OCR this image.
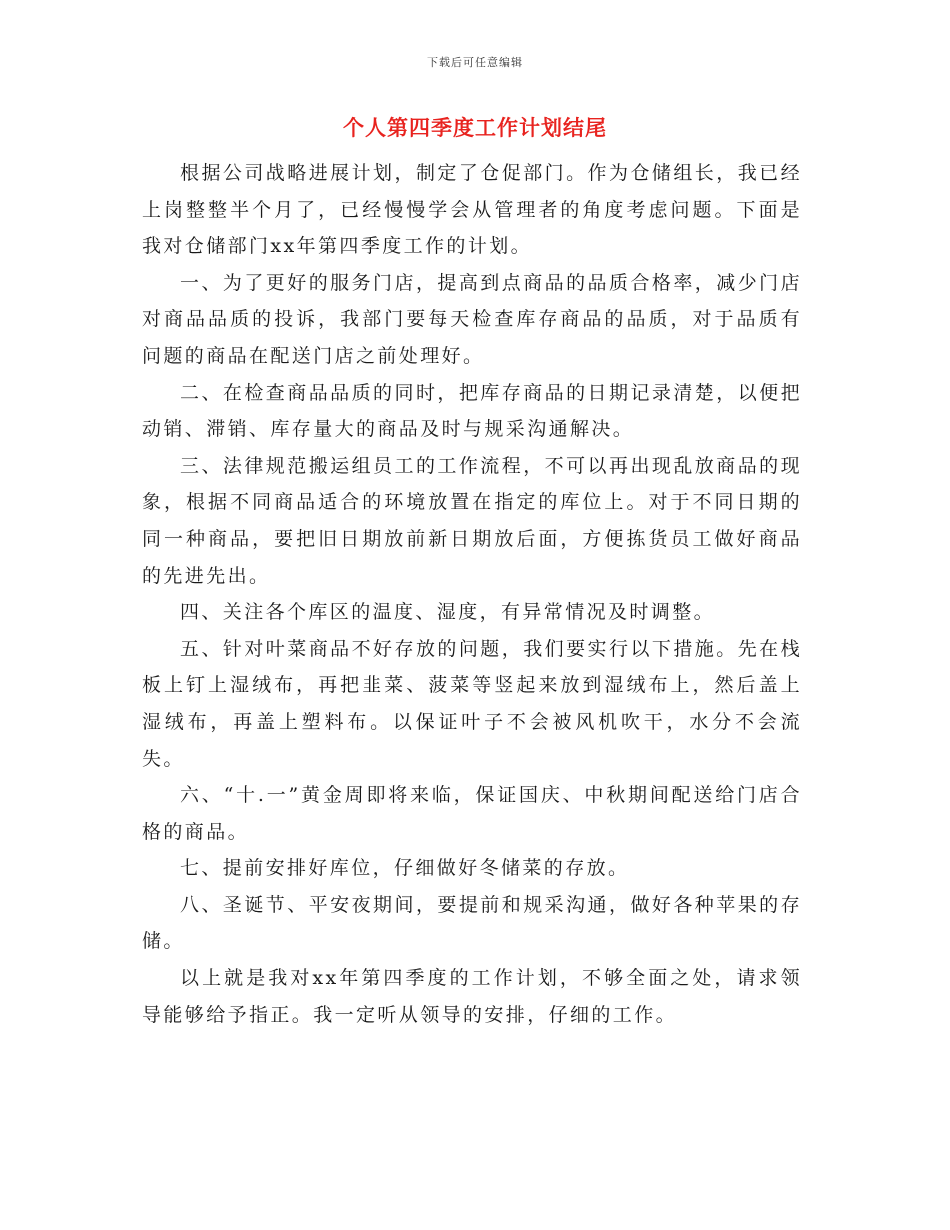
下载后可任意编辑
个人第四季度工作计划结尾

根据公司战略进展计划，制定了仓促部门。作为仓储组长，我已经上岗整整半个月了，已经慢慢学会从管理者的角度考虑问题。下面是我对仓储部门xx年第四季度工作的计划。

一、为了更好的服务门店，提高到点商品的品质合格率，减少门店对商品品质的投诉，我部门要每天检查库存商品的品质，对于品质有问题的商品在配送门店之前处理好。

二、在检查商品品质的同时，把库存商品的日期记录清楚，以便把动销、滞销、库存量大的商品及时与规采沟通解决。

三、法律规范搬运组员工的工作流程，不可以再出现乱放商品的现象，根据不同商品适合的环境放置在指定的库位上。对于不同日期的同一种商品，要把旧日期放前新日期放后面，方便拣货员工做好商品的先进先出。

四、关注各个库区的温度、湿度，有异常情况及时调整。

五、针对叶菜商品不好存放的问题，我们要实行以下措施。先在栈板上钉上湿绒布，再把韭菜、菠菜等竖起来放到湿绒布上，然后盖上湿绒布，再盖上塑料布。以保证叶子不会被风机吹干，水分不会流失。

六、“十.一”黄金周即将来临，保证国庆、中秋期间配送给门店合格的商品。

七、提前安排好库位，仔细做好冬储菜的存放。

八、圣诞节、平安夜期间，要提前和规采沟通，做好各种苹果的存储。

以上就是我对xx年第四季度的工作计划，不够全面之处，请求领导能够给予指正。我一定听从领导的安排，仔细的工作。
